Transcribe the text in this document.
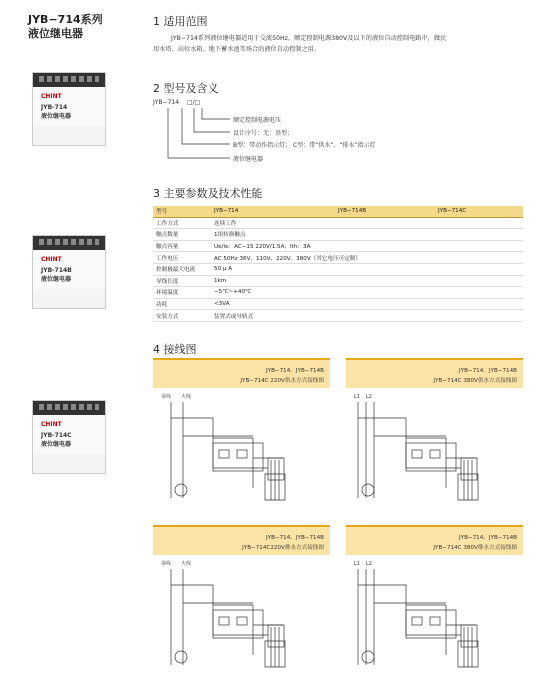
JYB−714系列
液位继电器
CHINT
JYB-714
液位继电器
CHINT
JYB-714B
液位继电器
CHINT
JYB-714C
液位继电器
1 适用范围
JYB−714系列液位继电器适用于交流50Hz，额定控制电源380V及以下的液位自动控制电路中，做民
用水塔、高位水箱、地下蓄水池等场合的液位自动控制之用。
2 型号及含义
JYB−714 □/□
额定控制电源电压
设计序号：无：基型；
B型：带动作指示灯； C型：带“供水”、“排水”指示灯
液位继电器
3 主要参数及技术性能
型号	JYB−714	JYB−714B	JYB−714C
工作方式	连续工作		
触点数量	1组转换触点		
触点容量	Ue/Ie：AC−15 220V/1.5A；Ith：3A		
工作电压	AC 50Hz 36V、110V、220V、380V（其它电压可定制）		
控制极最大电流	50 μ A		
导线长度	1km		
环境温度	−5℃~+40℃		
功耗	<3VA		
安装方式	装置式或导轨式		
4 接线图
JYB−714、JYB−714B
JYB−714C 220V供水方式接线图
零线 火线
JYB−714、JYB−714B
JYB−714C 380V供水方式接线图
L1 L2
JYB−714、JYB−714B
JYB−714C220V排水方式接线图
零线 火线
JYB−714、JYB−714B
JYB−714C 380V排水方式接线图
L1 L2
